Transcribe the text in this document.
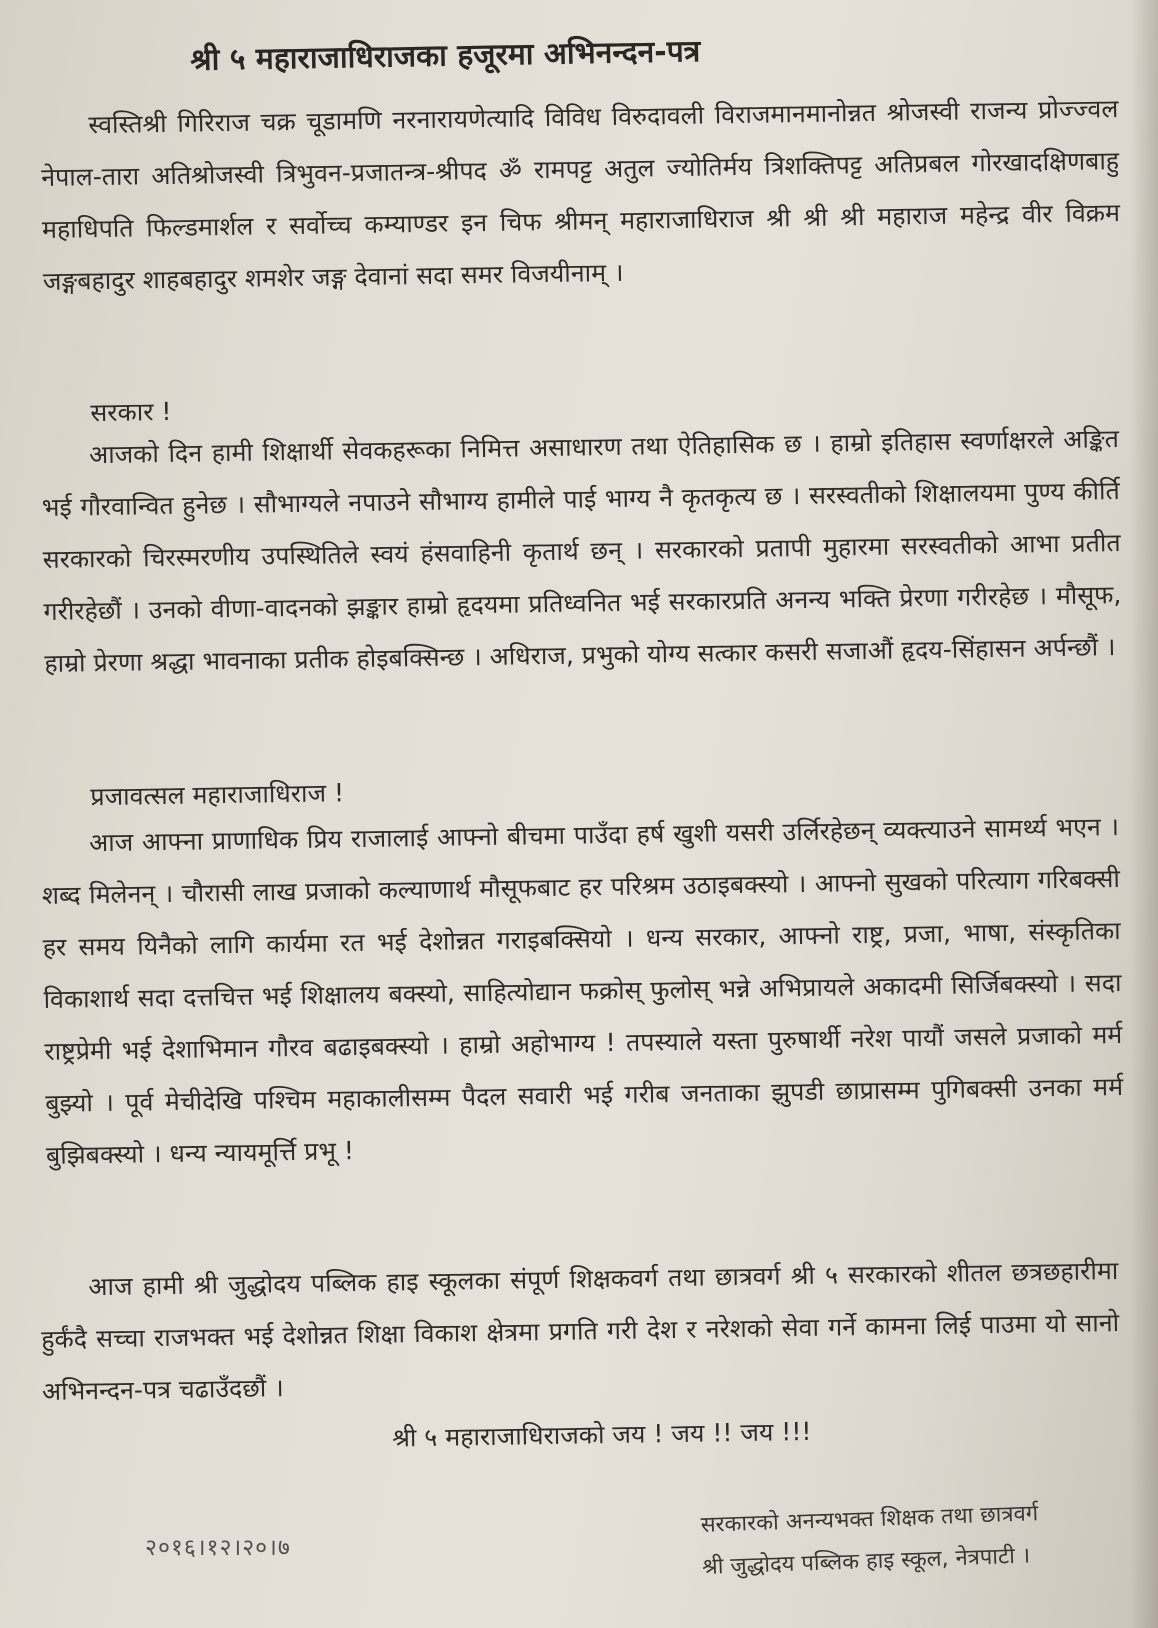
श्री ५ महाराजाधिराजका हजूरमा अभिनन्दन-पत्र

स्वस्तिश्री गिरिराज चक्र चूडामणि नरनारायणेत्यादि विविध विरुदावली विराजमानमानोन्नत श्रोजस्वी राजन्य प्रोज्ज्वल नेपाल-तारा अतिश्रोजस्वी त्रिभुवन-प्रजातन्त्र-श्रीपद ॐ रामपट्ट अतुल ज्योतिर्मय त्रिशक्तिपट्ट अतिप्रबल गोरखादक्षिणबाहु महाधिपति फिल्डमार्शल र सर्वोच्च कम्याण्डर इन चिफ श्रीमन् महाराजाधिराज श्री श्री श्री महाराज महेन्द्र वीर विक्रम जङ्गबहादुर शाहबहादुर शमशेर जङ्ग देवानां सदा समर विजयीनाम् ।

सरकार !

आजको दिन हामी शिक्षार्थी सेवकहरूका निमित्त असाधारण तथा ऐतिहासिक छ । हाम्रो इतिहास स्वर्णाक्षरले अङ्कित भई गौरवान्वित हुनेछ । सौभाग्यले नपाउने सौभाग्य हामीले पाई भाग्य नै कृतकृत्य छ । सरस्वतीको शिक्षालयमा पुण्य कीर्ति सरकारको चिरस्मरणीय उपस्थितिले स्वयं हंसवाहिनी कृतार्थ छन् । सरकारको प्रतापी मुहारमा सरस्वतीको आभा प्रतीत गरीरहेछौं । उनको वीणा-वादनको झङ्कार हाम्रो हृदयमा प्रतिध्वनित भई सरकारप्रति अनन्य भक्ति प्रेरणा गरीरहेछ । मौसूफ, हाम्रो प्रेरणा श्रद्धा भावनाका प्रतीक होइबक्सिन्छ । अधिराज, प्रभुको योग्य सत्कार कसरी सजाऔं हृदय-सिंहासन अर्पन्छौं ।

प्रजावत्सल महाराजाधिराज !

आज आफ्ना प्राणाधिक प्रिय राजालाई आफ्नो बीचमा पाउँदा हर्ष खुशी यसरी उर्लिरहेछन् व्यक्त्याउने सामर्थ्य भएन । शब्द मिलेनन् । चौरासी लाख प्रजाको कल्याणार्थ मौसूफबाट हर परिश्रम उठाइबक्स्यो । आफ्नो सुखको परित्याग गरिबक्सी हर समय यिनैको लागि कार्यमा रत भई देशोन्नत गराइबक्सियो । धन्य सरकार, आफ्नो राष्ट्र, प्रजा, भाषा, संस्कृतिका विकाशार्थ सदा दत्तचित्त भई शिक्षालय बक्स्यो, साहित्योद्यान फक्रोस् फुलोस् भन्ने अभिप्रायले अकादमी सिर्जिबक्स्यो । सदा राष्ट्रप्रेमी भई देशाभिमान गौरव बढाइबक्स्यो । हाम्रो अहोभाग्य ! तपस्याले यस्ता पुरुषार्थी नरेश पायौं जसले प्रजाको मर्म बुझ्यो । पूर्व मेचीदेखि पश्चिम महाकालीसम्म पैदल सवारी भई गरीब जनताका झुपडी छाप्रासम्म पुगिबक्सी उनका मर्म बुझिबक्स्यो । धन्य न्यायमूर्त्ति प्रभू !

आज हामी श्री जुद्धोदय पब्लिक हाइ स्कूलका संपूर्ण शिक्षकवर्ग तथा छात्रवर्ग श्री ५ सरकारको शीतल छत्रछहारीमा हुर्कंदै सच्चा राजभक्त भई देशोन्नत शिक्षा विकाश क्षेत्रमा प्रगति गरी देश र नरेशको सेवा गर्ने कामना लिई पाउमा यो सानो अभिनन्दन-पत्र चढाउँदछौं ।

श्री ५ महाराजाधिराजको जय ! जय !! जय !!!

२०१६।१२।२०।७
सरकारको अनन्यभक्त शिक्षक तथा छात्रवर्ग
श्री जुद्धोदय पब्लिक हाइ स्कूल, नेत्रपाटी ।
